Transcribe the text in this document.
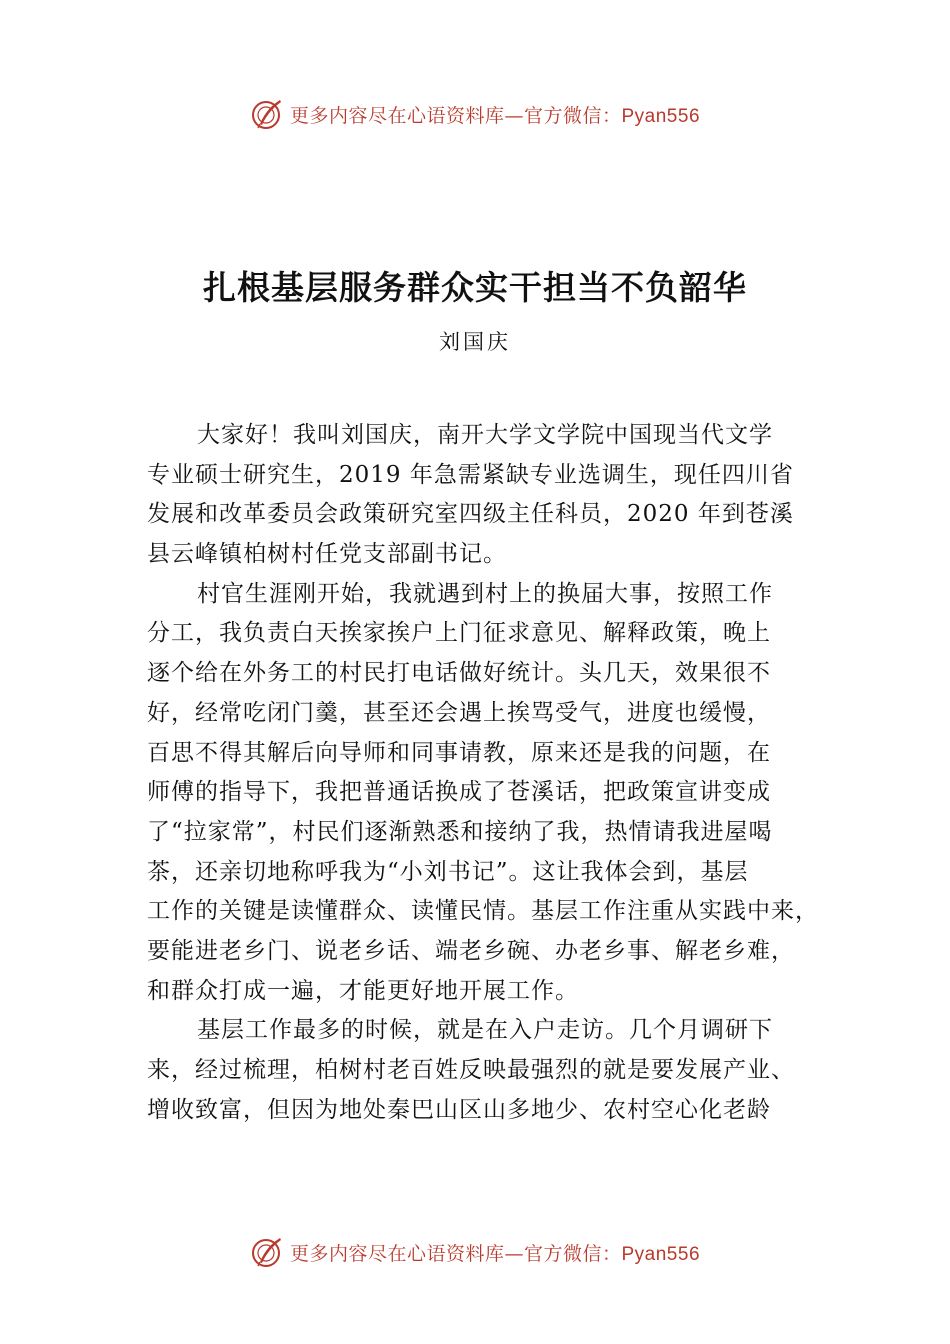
更多内容尽在心语资料库—官方微信：Pyan556
扎根基层服务群众实干担当不负韶华
刘国庆
大家好！我叫刘国庆，南开大学文学院中国现当代文学
专业硕士研究生，2019 年急需紧缺专业选调生，现任四川省
发展和改革委员会政策研究室四级主任科员，2020 年到苍溪
县云峰镇柏树村任党支部副书记。
村官生涯刚开始，我就遇到村上的换届大事，按照工作
分工，我负责白天挨家挨户上门征求意见、解释政策，晚上
逐个给在外务工的村民打电话做好统计。头几天，效果很不
好，经常吃闭门羹，甚至还会遇上挨骂受气，进度也缓慢，
百思不得其解后向导师和同事请教，原来还是我的问题，在
师傅的指导下，我把普通话换成了苍溪话，把政策宣讲变成
了“拉家常”，村民们逐渐熟悉和接纳了我，热情请我进屋喝
茶，还亲切地称呼我为“小刘书记”。这让我体会到，基层
工作的关键是读懂群众、读懂民情。基层工作注重从实践中来，
要能进老乡门、说老乡话、端老乡碗、办老乡事、解老乡难，
和群众打成一遍，才能更好地开展工作。
基层工作最多的时候，就是在入户走访。几个月调研下
来，经过梳理，柏树村老百姓反映最强烈的就是要发展产业、
增收致富，但因为地处秦巴山区山多地少、农村空心化老龄
更多内容尽在心语资料库—官方微信：Pyan556
